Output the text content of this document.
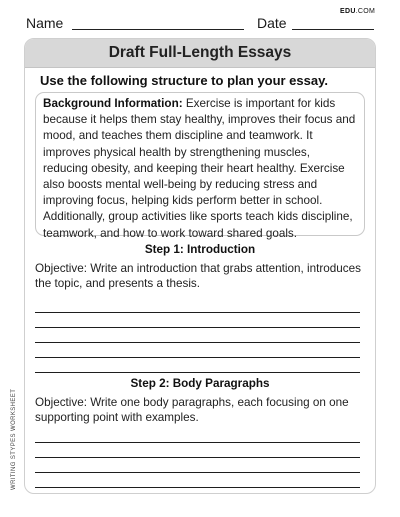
Name	Date
EDU.COM
WRITING STYPES WORKSHEET
Draft Full-Length Essays
Use the following structure to plan your essay.
Background Information: Exercise is important for kids because it helps them stay healthy, improves their focus and mood, and teaches them discipline and teamwork. It improves physical health by strengthening muscles, reducing obesity, and keeping their heart healthy. Exercise also boosts mental well-being by reducing stress and improving focus, helping kids perform better in school. Additionally, group activities like sports teach kids discipline, teamwork, and how to work toward shared goals.
Step 1: Introduction
Objective: Write an introduction that grabs attention, introduces the topic, and presents a thesis.
Step 2: Body Paragraphs
Objective: Write one body paragraphs, each focusing on one supporting point with examples.
